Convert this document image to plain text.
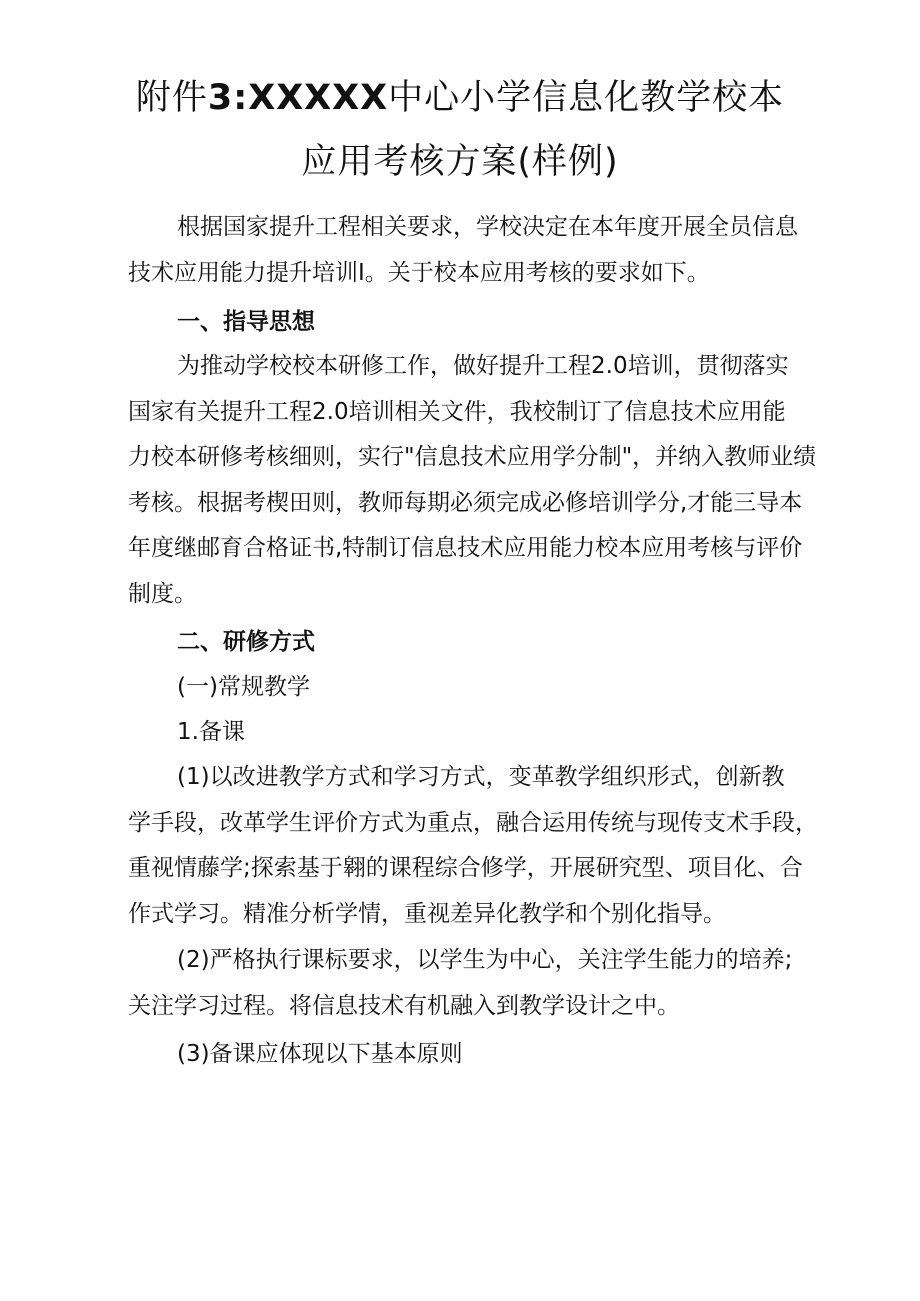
附件3:XXXXX中心小学信息化教学校本
应用考核方案(样例)
根据国家提升工程相关要求，学校决定在本年度开展全员信息
技术应用能力提升培训Ⅰ。关于校本应用考核的要求如下。
一、指导思想
为推动学校校本研修工作，做好提升工程2.0培训，贯彻落实
国家有关提升工程2.0培训相关文件，我校制订了信息技术应用能
力校本研修考核细则，实行"信息技术应用学分制"，并纳入教师业绩
考核。根据考楔田则，教师每期必须完成必修培训学分,才能三导本
年度继邮育合格证书,特制订信息技术应用能力校本应用考核与评价
制度。
二、研修方式
(一)常规教学
1.备课
(1)以改进教学方式和学习方式，变革教学组织形式，创新教
学手段，改革学生评价方式为重点，融合运用传统与现传支术手段，
重视情藤学;探索基于翱的课程综合修学，开展研究型、项目化、合
作式学习。精准分析学情，重视差异化教学和个别化指导。
(2)严格执行课标要求，以学生为中心，关注学生能力的培养;
关注学习过程。将信息技术有机融入到教学设计之中。
(3)备课应体现以下基本原则
